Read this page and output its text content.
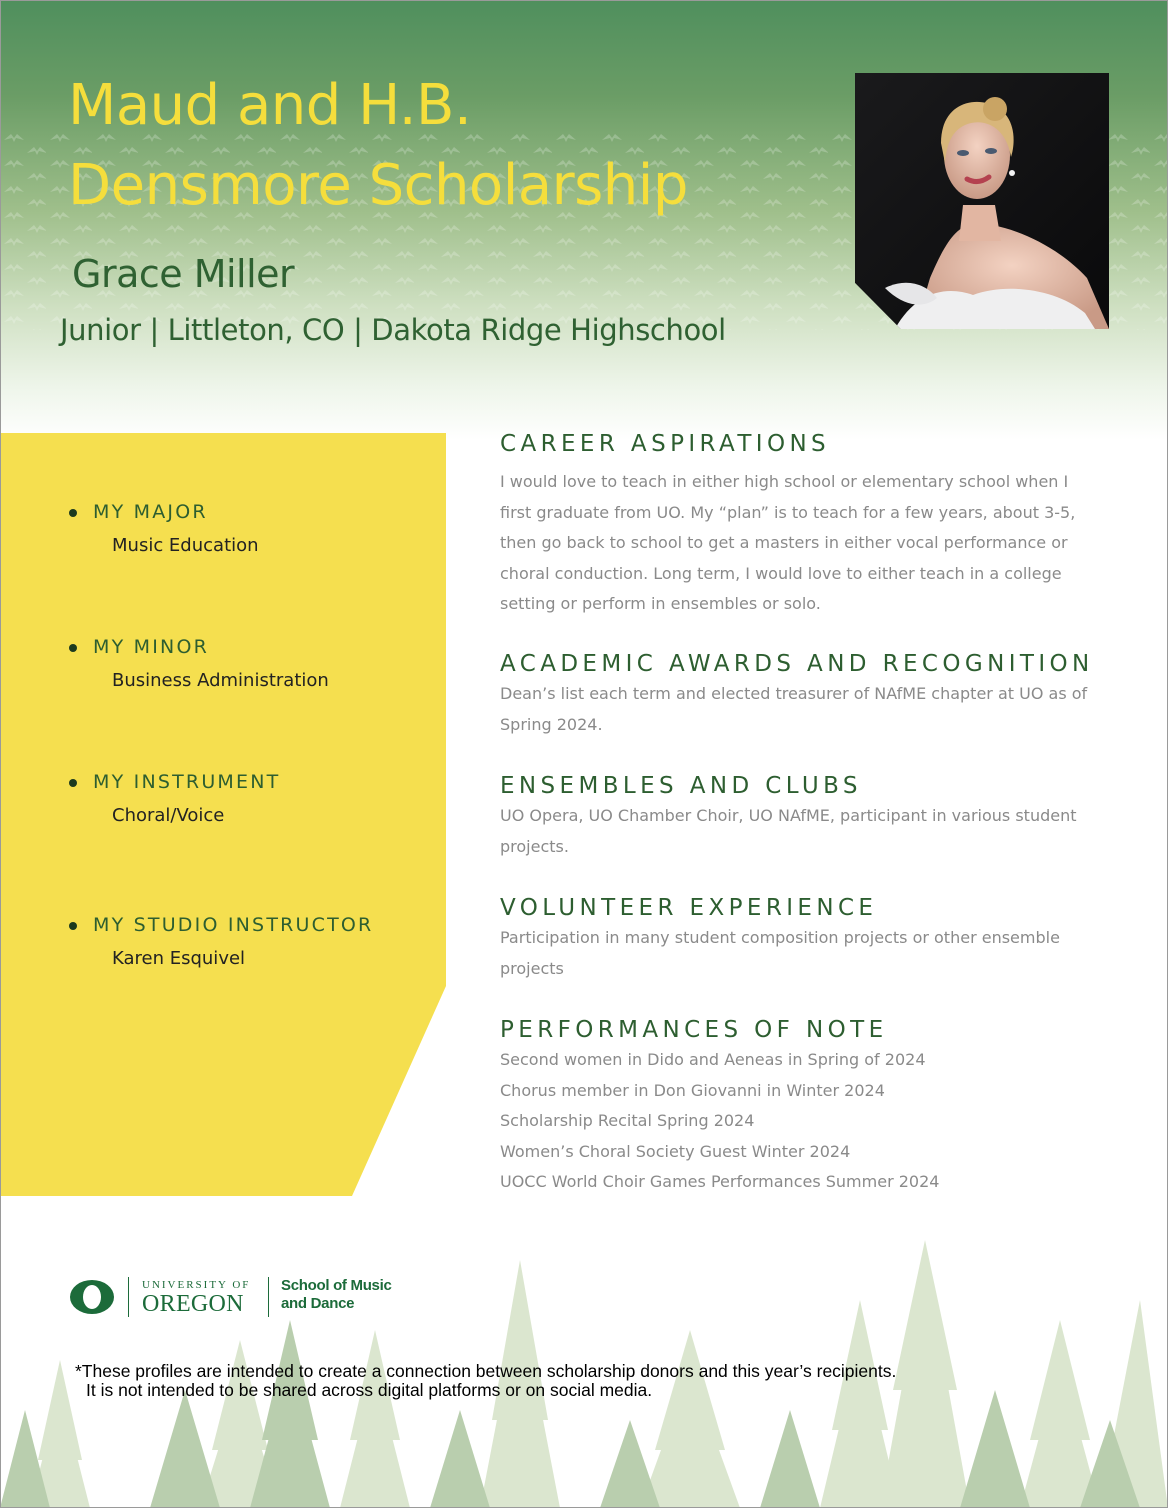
Maud and H.B.
Densmore Scholarship

Grace Miller

Junior | Littleton, CO | Dakota Ridge Highschool

MY MAJOR

Music Education

MY MINOR

Business Administration

MY INSTRUMENT

Choral/Voice

MY STUDIO INSTRUCTOR

Karen Esquivel

CAREER ASPIRATIONS

I would love to teach in either high school or elementary school when I
first graduate from UO. My “plan” is to teach for a few years, about 3-5,
then go back to school to get a masters in either vocal performance or
choral conduction. Long term, I would love to either teach in a college
setting or perform in ensembles or solo.

ACADEMIC AWARDS AND RECOGNITION

Dean’s list each term and elected treasurer of NAfME chapter at UO as of
Spring 2024.

ENSEMBLES AND CLUBS

UO Opera, UO Chamber Choir, UO NAfME, participant in various student
projects.

VOLUNTEER EXPERIENCE

Participation in many student composition projects or other ensemble
projects

PERFORMANCES OF NOTE
Second women in Dido and Aeneas in Spring of 2024
Chorus member in Don Giovanni in Winter 2024
Scholarship Recital Spring 2024
Women’s Choral Society Guest Winter 2024
UOCC World Choir Games Performances Summer 2024
UNIVERSITY OF
OREGON
School of Music
and Dance

*These profiles are intended to create a connection between scholarship donors and this year’s recipients.
It is not intended to be shared across digital platforms or on social media.
